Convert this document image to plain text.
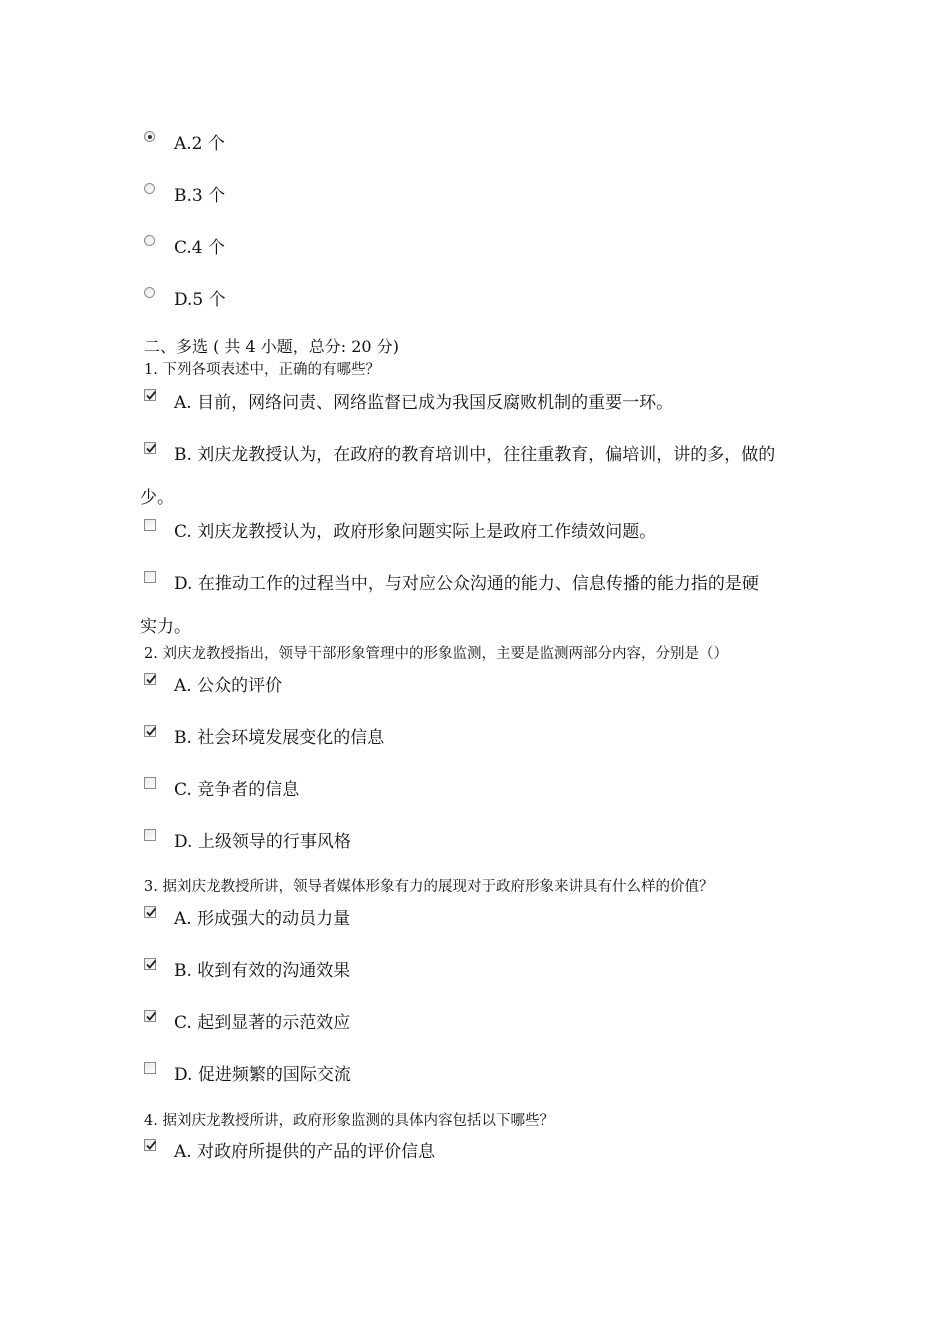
A.2 个
B.3 个
C.4 个
D.5 个
二、多选 ( 共 4 小题，总分: 20 分)
1. 下列各项表述中，正确的有哪些？
A. 目前，网络问责、网络监督已成为我国反腐败机制的重要一环。
B. 刘庆龙教授认为，在政府的教育培训中，往往重教育，偏培训，讲的多，做的
少。
C. 刘庆龙教授认为，政府形象问题实际上是政府工作绩效问题。
D. 在推动工作的过程当中，与对应公众沟通的能力、信息传播的能力指的是硬
实力。
2. 刘庆龙教授指出，领导干部形象管理中的形象监测，主要是监测两部分内容，分别是（）
A. 公众的评价
B. 社会环境发展变化的信息
C. 竞争者的信息
D. 上级领导的行事风格
3. 据刘庆龙教授所讲，领导者媒体形象有力的展现对于政府形象来讲具有什么样的价值？
A. 形成强大的动员力量
B. 收到有效的沟通效果
C. 起到显著的示范效应
D. 促进频繁的国际交流
4. 据刘庆龙教授所讲，政府形象监测的具体内容包括以下哪些？
A. 对政府所提供的产品的评价信息
